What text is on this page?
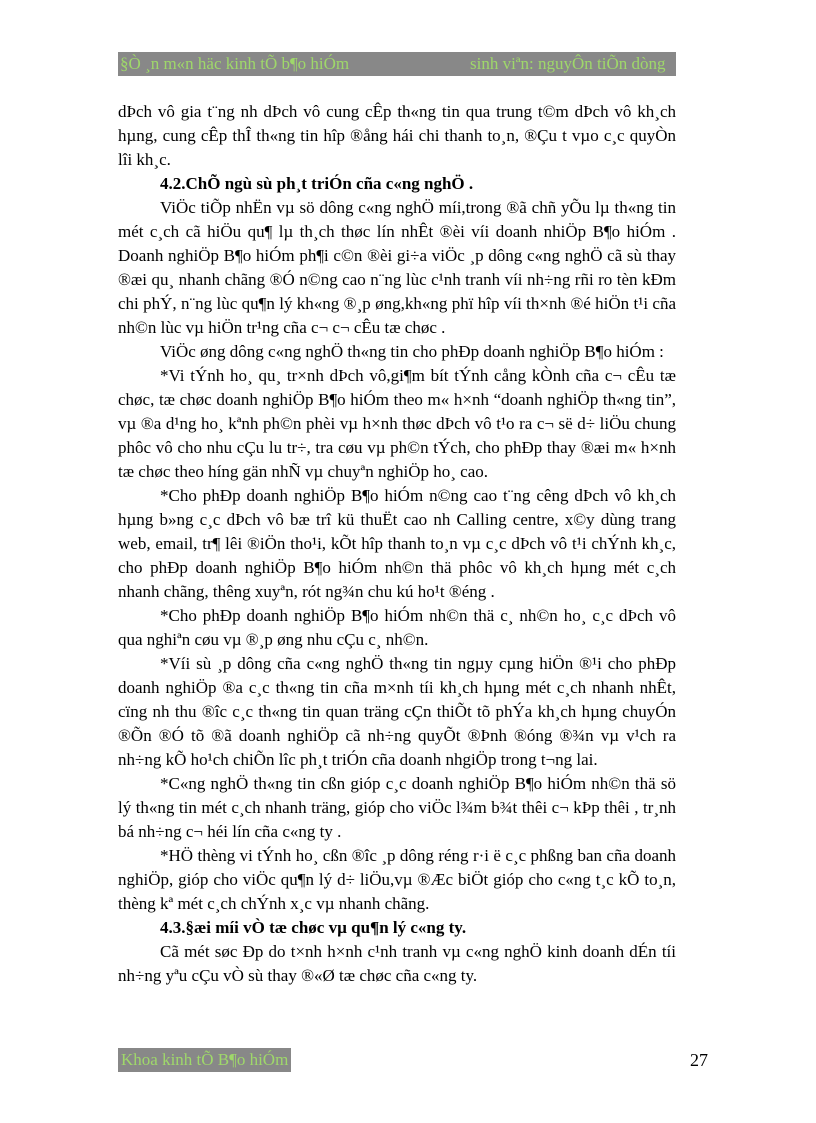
§Ò ¸n m«n häc kinh tÕ b¶o hiÓm	sinh viªn: nguyÔn tiÕn dòng

dÞch vô gia t¨ng nh dÞch vô cung cÊp th«ng tin qua trung t©m dÞch vô kh¸ch hµng, cung cÊp thÎ th«ng tin hîp ®ång hái chi thanh to¸n, ®Çu t vµo c¸c quyÒn lîi kh¸c.

4.2.ChÕ ngù sù ph¸t triÓn cña c«ng nghÖ .

ViÖc tiÕp nhËn vµ sö dông c«ng nghÖ míi,trong ®ã chñ yÕu lµ th«ng tin mét c¸ch cã hiÖu qu¶ lµ th¸ch thøc lín nhÊt ®èi víi doanh nhiÖp B¶o hiÓm . Doanh nghiÖp B¶o hiÓm ph¶i c©n ®èi gi÷a viÖc ¸p dông c«ng nghÖ cã sù thay ®æi qu¸ nhanh chãng ®Ó n©ng cao n¨ng lùc c¹nh tranh víi nh÷ng rñi ro tèn kÐm chi phÝ, n¨ng lùc qu¶n lý kh«ng ®¸p øng,kh«ng phï hîp víi th×nh ®é hiÖn t¹i cña nh©n lùc vµ hiÖn tr¹ng cña c¬ c¬ cÊu tæ chøc .

ViÖc øng dông c«ng nghÖ th«ng tin cho phÐp doanh nghiÖp B¶o hiÓm :

*Vi tÝnh ho¸ qu¸ tr×nh dÞch vô,gi¶m bít tÝnh cång kÒnh cña c¬ cÊu tæ chøc, tæ chøc doanh nghiÖp B¶o hiÓm theo m« h×nh “doanh nghiÖp th«ng tin”, vµ ®a d¹ng ho¸ kªnh ph©n phèi vµ h×nh thøc dÞch vô t¹o ra c¬ së d÷ liÖu chung phôc vô cho nhu cÇu lu tr÷, tra cøu vµ ph©n tÝch, cho phÐp thay ®æi m« h×nh tæ chøc theo híng gän nhÑ vµ chuyªn nghiÖp ho¸ cao.

*Cho phÐp doanh nghiÖp B¶o hiÓm n©ng cao t¨ng cêng dÞch vô kh¸ch hµng b»ng c¸c dÞch vô bæ trî kü thuËt cao nh Calling centre, x©y dùng trang web, email, tr¶ lêi ®iÖn tho¹i, kÕt hîp thanh to¸n vµ c¸c dÞch vô t¹i chÝnh kh¸c, cho phÐp doanh nghiÖp B¶o hiÓm nh©n thä phôc vô kh¸ch hµng mét c¸ch nhanh chãng, thêng xuyªn, rót ng¾n chu kú ho¹t ®éng .

*Cho phÐp doanh nghiÖp B¶o hiÓm nh©n thä c¸ nh©n ho¸ c¸c dÞch vô qua nghiªn cøu vµ ®¸p øng nhu cÇu c¸ nh©n.

*Víi sù ¸p dông cña c«ng nghÖ th«ng tin ngµy cµng hiÖn ®¹i cho phÐp doanh nghiÖp ®a c¸c th«ng tin cña m×nh tíi kh¸ch hµng mét c¸ch nhanh nhÊt, cïng nh thu ®îc c¸c th«ng tin quan träng cÇn thiÕt tõ phÝa kh¸ch hµng chuyÓn ®Õn ®Ó tõ ®ã doanh nghiÖp cã nh÷ng quyÕt ®Þnh ®óng ®¾n vµ v¹ch ra nh÷ng kÕ ho¹ch chiÕn lîc ph¸t triÓn cña doanh nhgiÖp trong t¬ng lai.

*C«ng nghÖ th«ng tin cßn gióp c¸c doanh nghiÖp B¶o hiÓm nh©n thä sö lý th«ng tin mét c¸ch nhanh träng, gióp cho viÖc l¾m b¾t thêi c¬ kÞp thêi , tr¸nh bá nh÷ng c¬ héi lín cña c«ng ty .

*HÖ thèng vi tÝnh ho¸ cßn ®îc ¸p dông réng r·i ë c¸c phßng ban cña doanh nghiÖp, gióp cho viÖc qu¶n lý d÷ liÖu,vµ ®Æc biÖt gióp cho c«ng t¸c kÕ to¸n, thèng kª mét c¸ch chÝnh x¸c vµ nhanh chãng.

4.3.§æi míi vÒ tæ chøc vµ qu¶n lý c«ng ty.

Cã mét søc Ðp do t×nh h×nh c¹nh tranh vµ c«ng nghÖ kinh doanh dÉn tíi nh÷ng yªu cÇu vÒ sù thay ®«Ø tæ chøc cña c«ng ty.

Khoa kinh tÕ B¶o hiÓm	27
